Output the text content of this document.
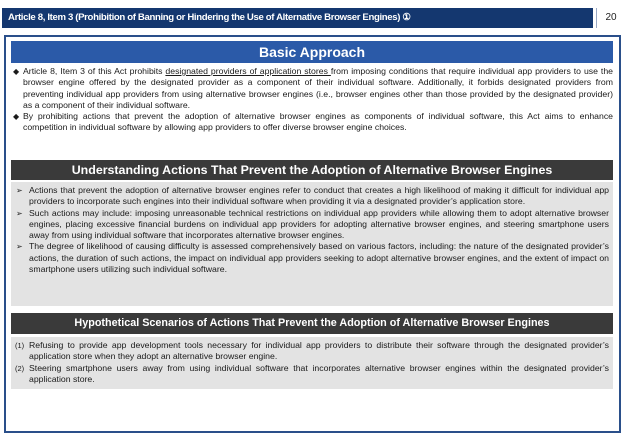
Article 8, Item 3 (Prohibition of Banning or Hindering the Use of Alternative Browser Engines) ①	20
Basic Approach

◆ Article 8, Item 3 of this Act prohibits designated providers of application stores from imposing conditions that require individual app providers to use the browser engine offered by the designated provider as a component of their individual software. Additionally, it forbids designated providers from preventing individual app providers from using alternative browser engines (i.e., browser engines other than those provided by the designated provider) as a component of their individual software.

◆ By prohibiting actions that prevent the adoption of alternative browser engines as components of individual software, this Act aims to enhance competition in individual software by allowing app providers to offer diverse browser engine choices.

Understanding Actions That Prevent the Adoption of Alternative Browser Engines
➢ Actions that prevent the adoption of alternative browser engines refer to conduct that creates a high likelihood of making it difficult for individual app providers to incorporate such engines into their individual software when providing it via a designated provider’s application store.
➢ Such actions may include: imposing unreasonable technical restrictions on individual app providers while allowing them to adopt alternative browser engines, placing excessive financial burdens on individual app providers for adopting alternative browser engines, and steering smartphone users away from using individual software that incorporates alternative browser engines.
➢ The degree of likelihood of causing difficulty is assessed comprehensively based on various factors, including: the nature of the designated provider’s actions, the duration of such actions, the impact on individual app providers seeking to adopt alternative browser engines, and the extent of impact on smartphone users utilizing such individual software.
Hypothetical Scenarios of Actions That Prevent the Adoption of Alternative Browser Engines
(1) Refusing to provide app development tools necessary for individual app providers to distribute their software through the designated provider’s application store when they adopt an alternative browser engine.
(2) Steering smartphone users away from using individual software that incorporates alternative browser engines within the designated provider’s application store.
